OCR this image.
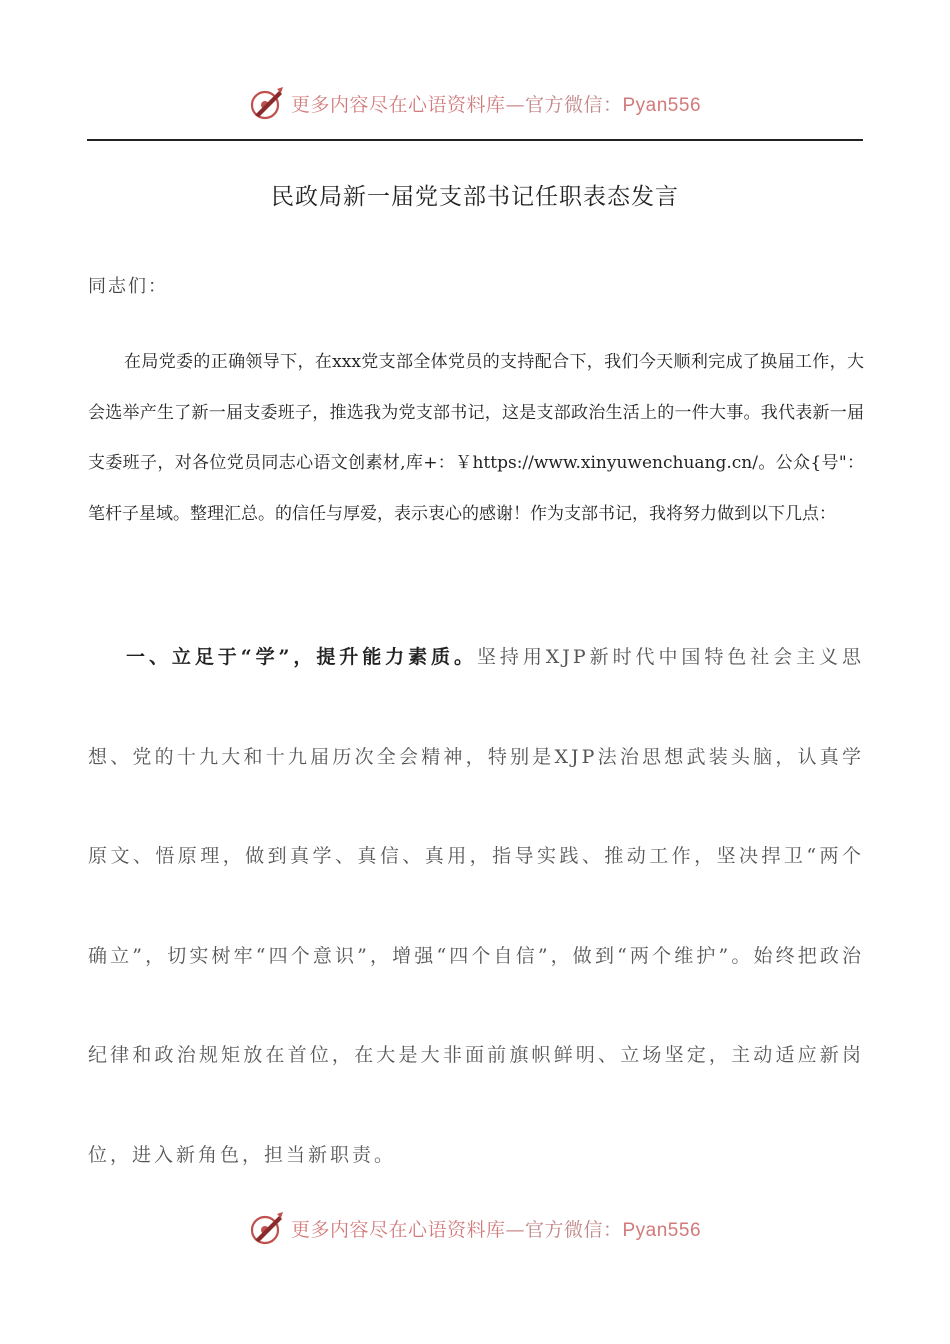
更多内容尽在心语资料库—官方微信：Pyan556
民政局新一届党支部书记任职表态发言
同志们：
在局党委的正确领导下，在xxx党支部全体党员的支持配合下，我们今天顺利完成了换届工作，大会选举产生了新一届支委班子，推选我为党支部书记，这是支部政治生活上的一件大事。我代表新一届支委班子，对各位党员同志心语文创素材,库+：￥https://www.xinyuwenchuang.cn/。公众{号"：笔杆子星域。整理汇总。的信任与厚爱，表示衷心的感谢！作为支部书记，我将努力做到以下几点：
一、立足于“学”，提升能力素质。坚持用XJP新时代中国特色社会主义思想、党的十九大和十九届历次全会精神，特别是XJP法治思想武装头脑，认真学原文、悟原理，做到真学、真信、真用，指导实践、推动工作，坚决捍卫“两个确立”，切实树牢“四个意识”，增强“四个自信”，做到“两个维护”。始终把政治纪律和政治规矩放在首位，在大是大非面前旗帜鲜明、立场坚定，主动适应新岗位，进入新角色，担当新职责。
更多内容尽在心语资料库—官方微信：Pyan556
